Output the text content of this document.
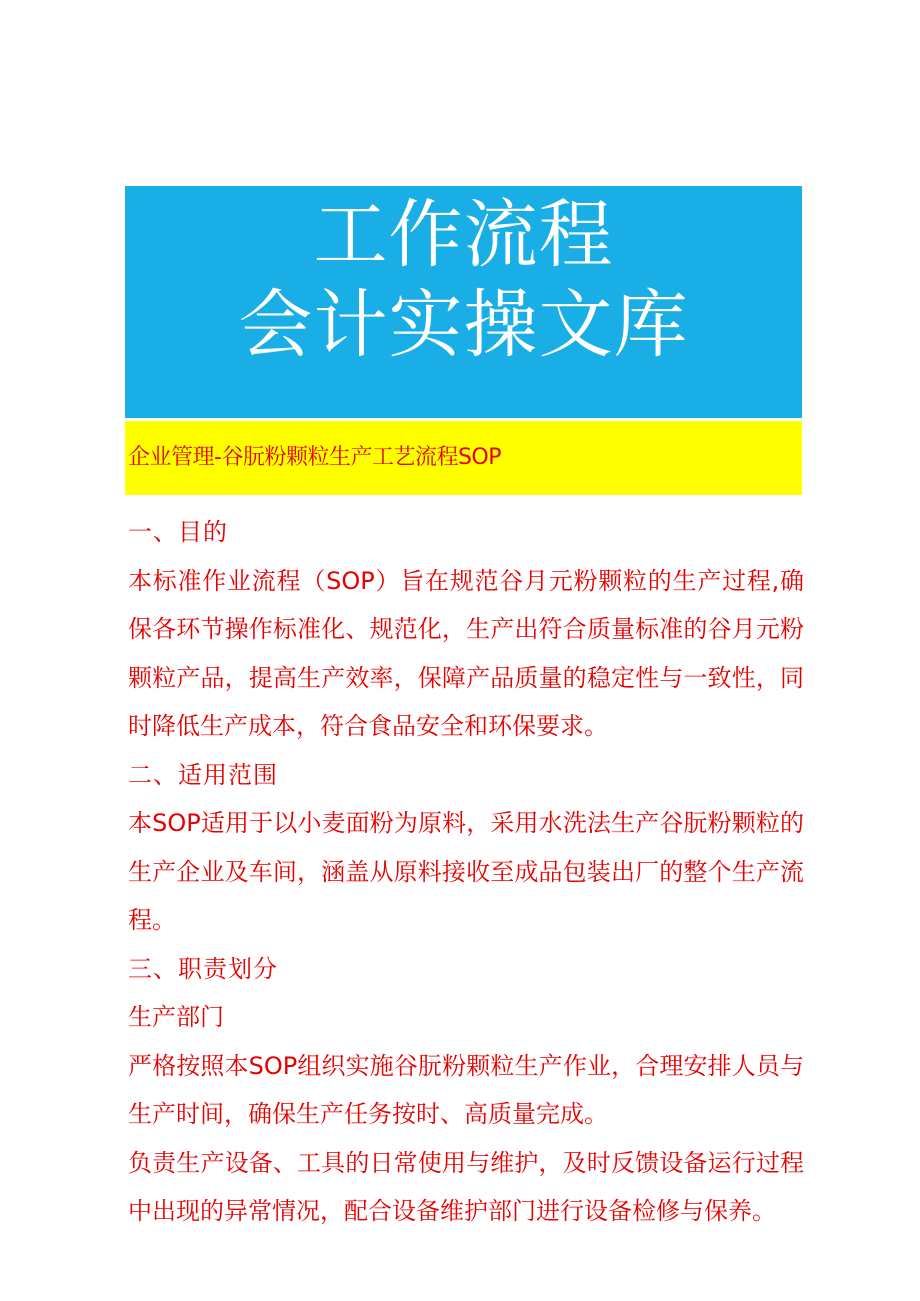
工作流程
会计实操文库
企业管理-谷朊粉颗粒生产工艺流程SOP

一、目的

本标准作业流程（SOP）旨在规范谷月元粉颗粒的生产过程,确保各环节操作标准化、规范化，生产出符合质量标准的谷月元粉颗粒产品，提高生产效率，保障产品质量的稳定性与一致性，同时降低生产成本，符合食品安全和环保要求。

二、适用范围

本SOP适用于以小麦面粉为原料，采用水洗法生产谷朊粉颗粒的生产企业及车间，涵盖从原料接收至成品包装出厂的整个生产流程。

三、职责划分

生产部门

严格按照本SOP组织实施谷朊粉颗粒生产作业，合理安排人员与生产时间，确保生产任务按时、高质量完成。

负责生产设备、工具的日常使用与维护，及时反馈设备运行过程中出现的异常情况，配合设备维护部门进行设备检修与保养。
